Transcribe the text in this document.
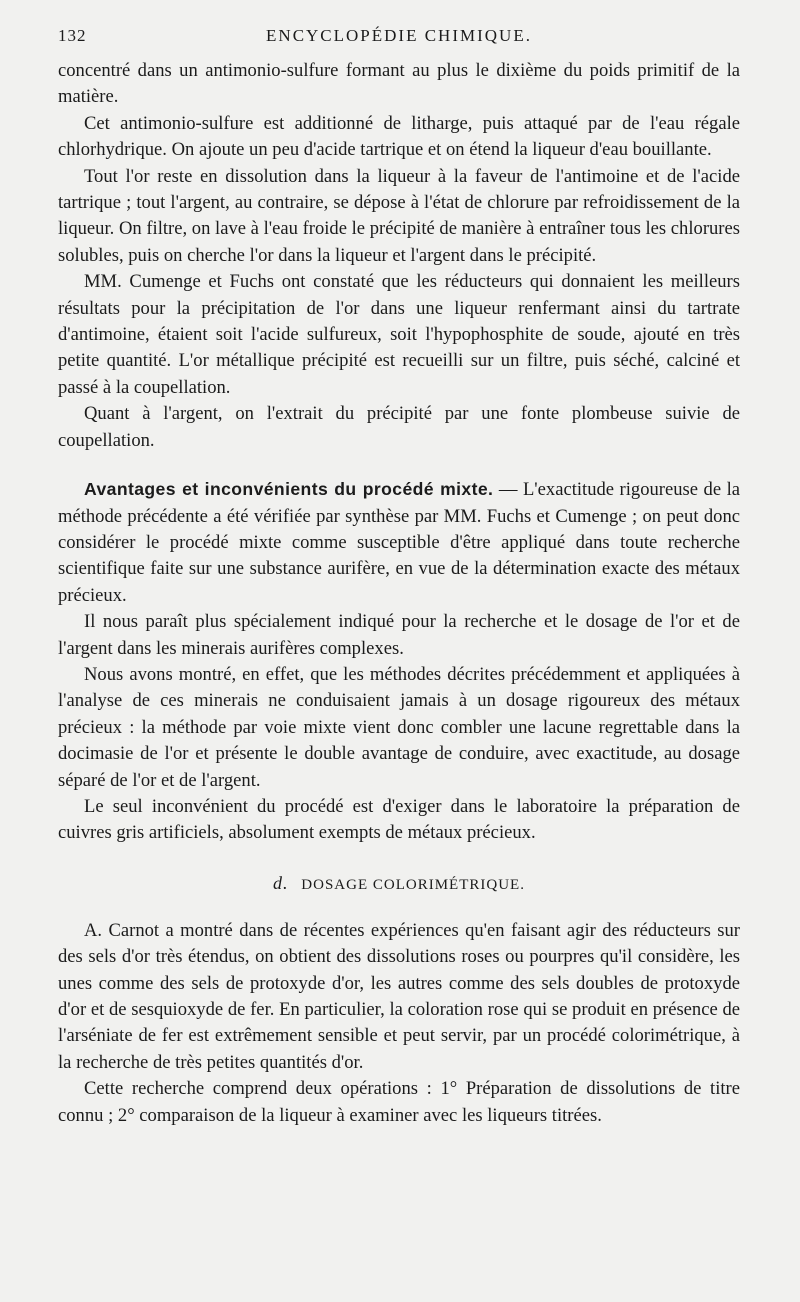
132	ENCYCLOPÉDIE CHIMIQUE.

concentré dans un antimonio-sulfure formant au plus le dixième du poids primitif de la matière.

Cet antimonio-sulfure est additionné de litharge, puis attaqué par de l'eau régale chlorhydrique. On ajoute un peu d'acide tartrique et on étend la liqueur d'eau bouillante.

Tout l'or reste en dissolution dans la liqueur à la faveur de l'antimoine et de l'acide tartrique ; tout l'argent, au contraire, se dépose à l'état de chlorure par refroidissement de la liqueur. On filtre, on lave à l'eau froide le précipité de manière à entraîner tous les chlorures solubles, puis on cherche l'or dans la liqueur et l'argent dans le précipité.

MM. Cumenge et Fuchs ont constaté que les réducteurs qui donnaient les meilleurs résultats pour la précipitation de l'or dans une liqueur renfermant ainsi du tartrate d'antimoine, étaient soit l'acide sulfureux, soit l'hypophosphite de soude, ajouté en très petite quantité. L'or métallique précipité est recueilli sur un filtre, puis séché, calciné et passé à la coupellation.

Quant à l'argent, on l'extrait du précipité par une fonte plombeuse suivie de coupellation.

Avantages et inconvénients du procédé mixte. — L'exactitude rigoureuse de la méthode précédente a été vérifiée par synthèse par MM. Fuchs et Cumenge ; on peut donc considérer le procédé mixte comme susceptible d'être appliqué dans toute recherche scientifique faite sur une substance aurifère, en vue de la détermination exacte des métaux précieux.

Il nous paraît plus spécialement indiqué pour la recherche et le dosage de l'or et de l'argent dans les minerais aurifères complexes.

Nous avons montré, en effet, que les méthodes décrites précédemment et appliquées à l'analyse de ces minerais ne conduisaient jamais à un dosage rigoureux des métaux précieux : la méthode par voie mixte vient donc combler une lacune regrettable dans la docimasie de l'or et présente le double avantage de conduire, avec exactitude, au dosage séparé de l'or et de l'argent.

Le seul inconvénient du procédé est d'exiger dans le laboratoire la préparation de cuivres gris artificiels, absolument exempts de métaux précieux.

d. DOSAGE COLORIMÉTRIQUE.

A. Carnot a montré dans de récentes expériences qu'en faisant agir des réducteurs sur des sels d'or très étendus, on obtient des dissolutions roses ou pourpres qu'il considère, les unes comme des sels de protoxyde d'or, les autres comme des sels doubles de protoxyde d'or et de sesquioxyde de fer. En particulier, la coloration rose qui se produit en présence de l'arséniate de fer est extrêmement sensible et peut servir, par un procédé colorimétrique, à la recherche de très petites quantités d'or.

Cette recherche comprend deux opérations : 1° Préparation de dissolutions de titre connu ; 2° comparaison de la liqueur à examiner avec les liqueurs titrées.
